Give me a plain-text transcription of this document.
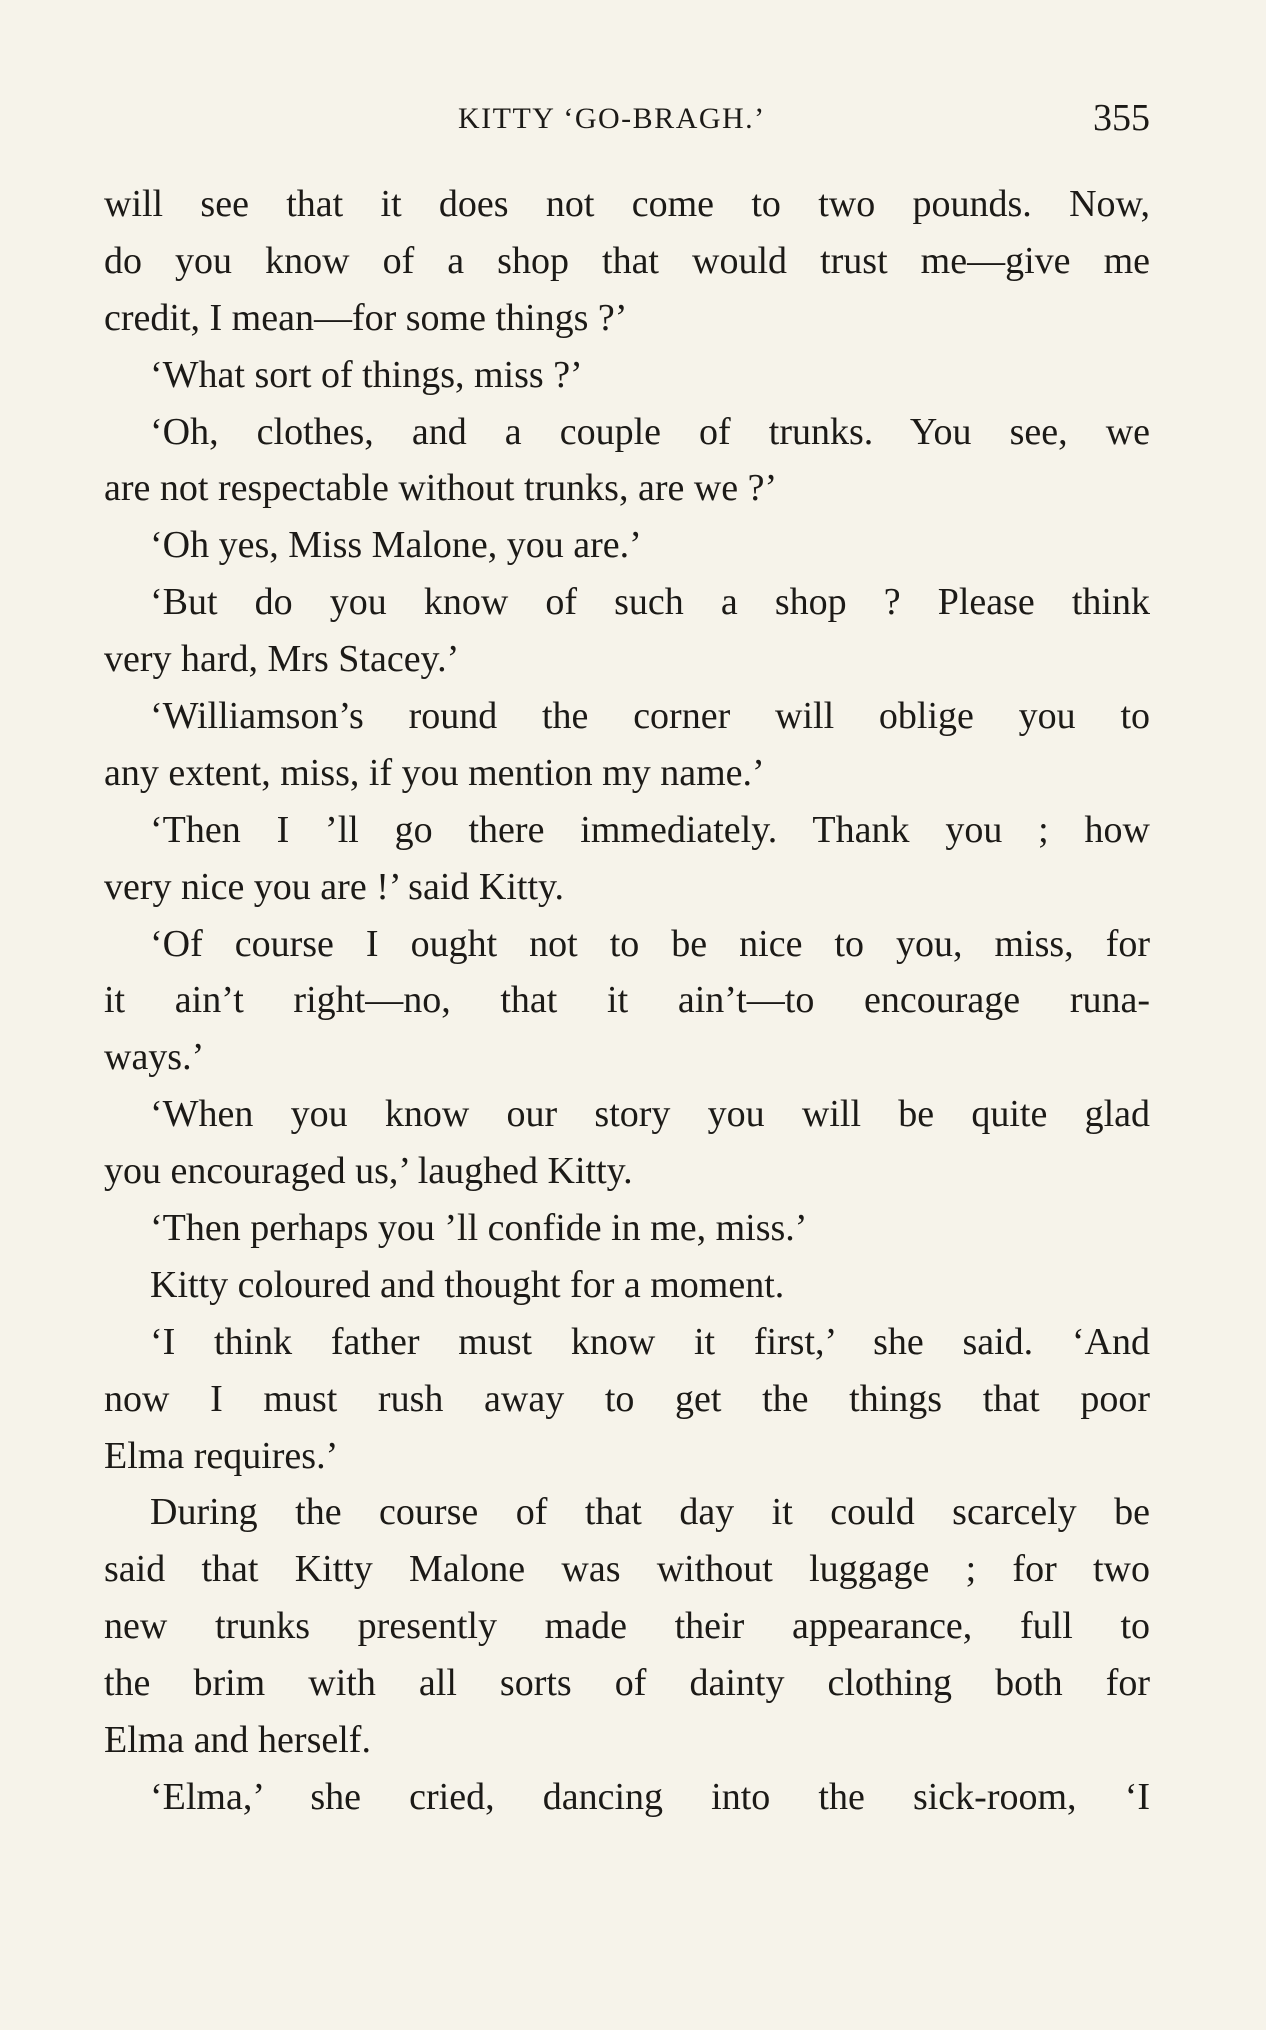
KITTY ‘GO-BRAGH.’	355
will see that it does not come to two pounds. Now,
do you know of a shop that would trust me—give me
credit, I mean—for some things ?’
‘What sort of things, miss ?’
‘Oh, clothes, and a couple of trunks. You see, we
are not respectable without trunks, are we ?’
‘Oh yes, Miss Malone, you are.’
‘But do you know of such a shop ? Please think
very hard, Mrs Stacey.’
‘Williamson’s round the corner will oblige you to
any extent, miss, if you mention my name.’
‘Then I ’ll go there immediately. Thank you ; how
very nice you are !’ said Kitty.
‘Of course I ought not to be nice to you, miss, for
it ain’t right—no, that it ain’t—to encourage runa-
ways.’
‘When you know our story you will be quite glad
you encouraged us,’ laughed Kitty.
‘Then perhaps you ’ll confide in me, miss.’
Kitty coloured and thought for a moment.
‘I think father must know it first,’ she said. ‘And
now I must rush away to get the things that poor
Elma requires.’
During the course of that day it could scarcely be
said that Kitty Malone was without luggage ; for two
new trunks presently made their appearance, full to
the brim with all sorts of dainty clothing both for
Elma and herself.
‘Elma,’ she cried, dancing into the sick-room, ‘I
